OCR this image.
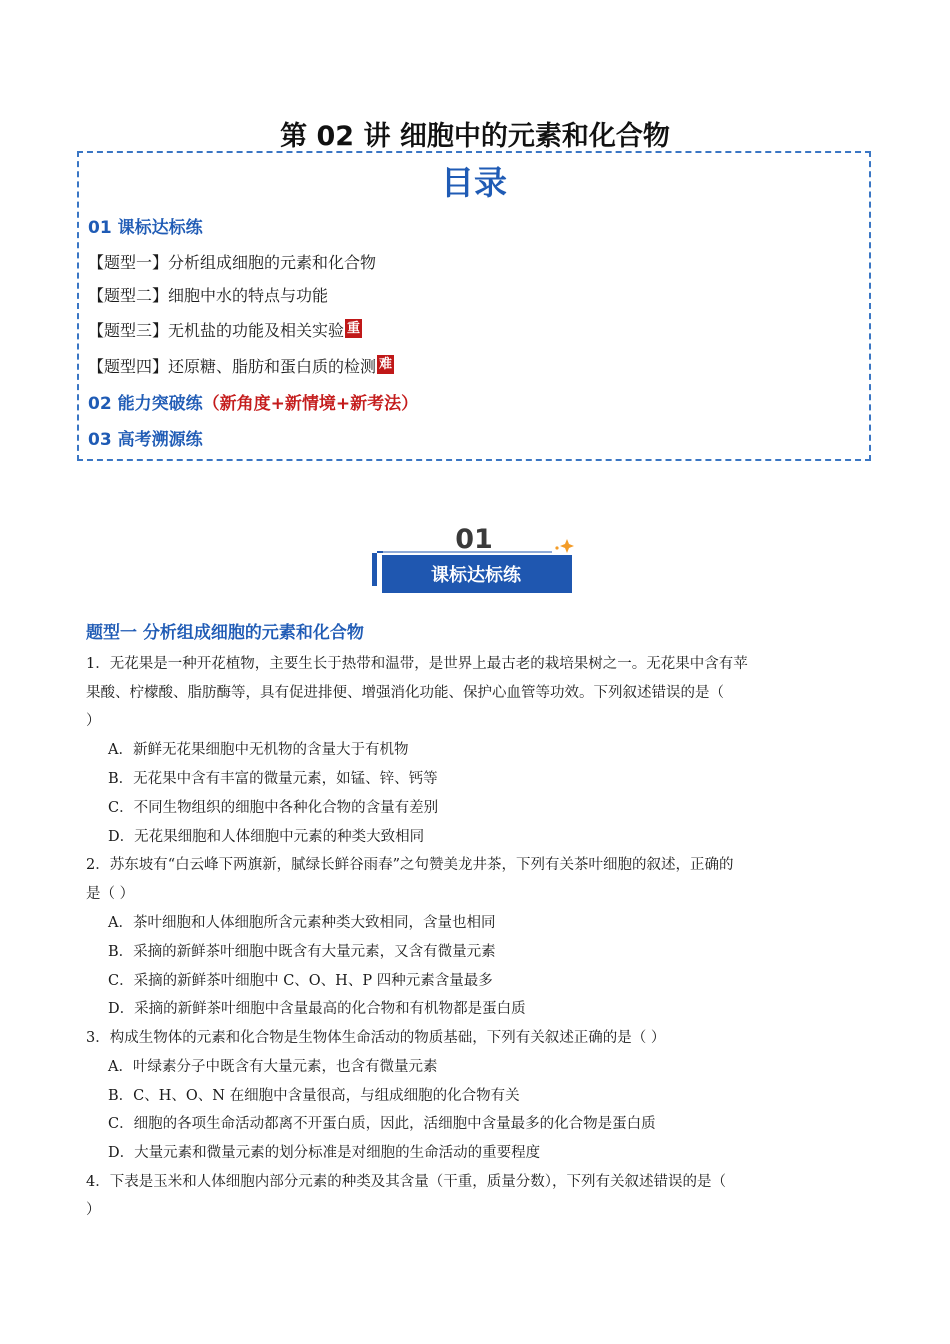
第 02 讲 细胞中的元素和化合物
目录
01 课标达标练
【题型一】分析组成细胞的元素和化合物
【题型二】细胞中水的特点与功能
【题型三】无机盐的功能及相关实验 重
【题型四】还原糖、脂肪和蛋白质的检测 难
02 能力突破练（新角度+新情境+新考法）
03 高考溯源练
01
课标达标练
题型一 分析组成细胞的元素和化合物
1．无花果是一种开花植物，主要生长于热带和温带，是世界上最古老的栽培果树之一。无花果中含有苹
果酸、柠檬酸、脂肪酶等，具有促进排便、增强消化功能、保护心血管等功效。下列叙述错误的是（
）
A．新鲜无花果细胞中无机物的含量大于有机物
B．无花果中含有丰富的微量元素，如锰、锌、钙等
C．不同生物组织的细胞中各种化合物的含量有差别
D．无花果细胞和人体细胞中元素的种类大致相同
2．苏东坡有“白云峰下两旗新，腻绿长鲜谷雨春”之句赞美龙井茶，下列有关茶叶细胞的叙述，正确的
是（ ）
A．茶叶细胞和人体细胞所含元素种类大致相同，含量也相同
B．采摘的新鲜茶叶细胞中既含有大量元素，又含有微量元素
C．采摘的新鲜茶叶细胞中 C、O、H、P 四种元素含量最多
D．采摘的新鲜茶叶细胞中含量最高的化合物和有机物都是蛋白质
3．构成生物体的元素和化合物是生物体生命活动的物质基础，下列有关叙述正确的是（ ）
A．叶绿素分子中既含有大量元素，也含有微量元素
B．C、H、O、N 在细胞中含量很高，与组成细胞的化合物有关
C．细胞的各项生命活动都离不开蛋白质，因此，活细胞中含量最多的化合物是蛋白质
D．大量元素和微量元素的划分标准是对细胞的生命活动的重要程度
4．下表是玉米和人体细胞内部分元素的种类及其含量（干重，质量分数），下列有关叙述错误的是（
）
